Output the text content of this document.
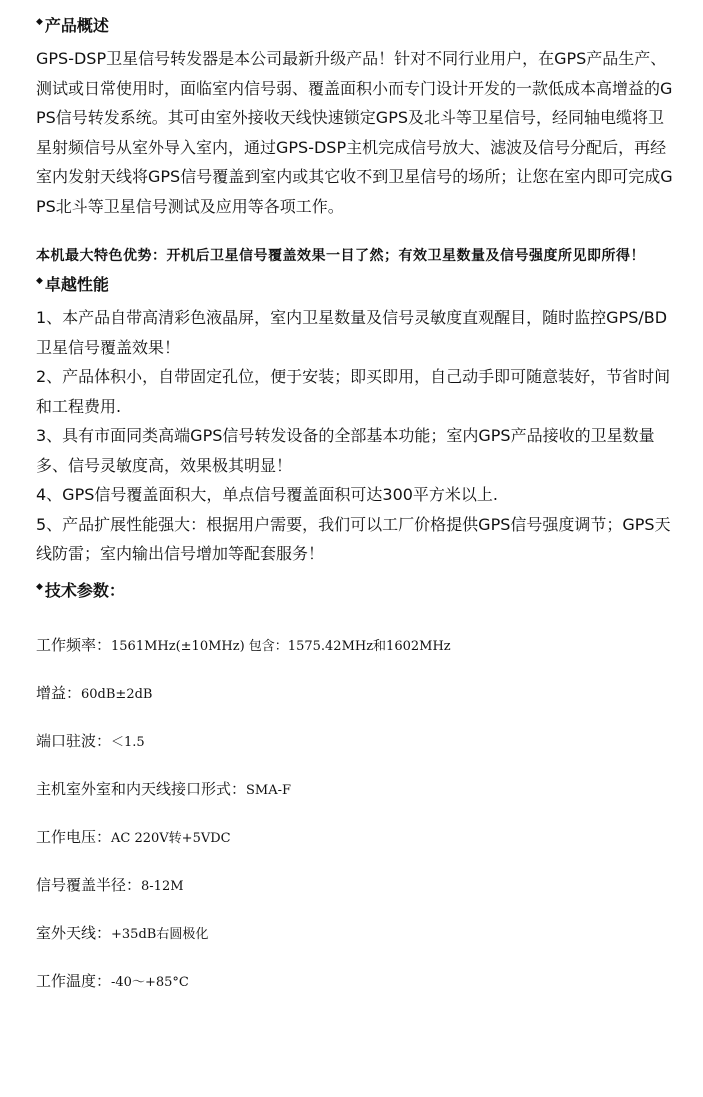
◆ 产品概述

GPS-DSP卫星信号转发器是本公司最新升级产品！针对不同行业用户，在GPS产品生产、测试或日常使用时，面临室内信号弱、覆盖面积小而专门设计开发的一款低成本高增益的GPS信号转发系统。其可由室外接收天线快速锁定GPS及北斗等卫星信号，经同轴电缆将卫星射频信号从室外导入室内，通过GPS-DSP主机完成信号放大、滤波及信号分配后，再经室内发射天线将GPS信号覆盖到室内或其它收不到卫星信号的场所；让您在室内即可完成GPS北斗等卫星信号测试及应用等各项工作。

本机最大特色优势：开机后卫星信号覆盖效果一目了然；有效卫星数量及信号强度所见即所得！

◆ 卓越性能

1、本产品自带高清彩色液晶屏，室内卫星数量及信号灵敏度直观醒目，随时监控GPS/BD卫星信号覆盖效果！

2、产品体积小，自带固定孔位，便于安装；即买即用，自己动手即可随意装好，节省时间和工程费用.

3、具有市面同类高端GPS信号转发设备的全部基本功能；室内GPS产品接收的卫星数量多、信号灵敏度高，效果极其明显！

4、GPS信号覆盖面积大，单点信号覆盖面积可达300平方米以上.

5、产品扩展性能强大：根据用户需要，我们可以工厂价格提供GPS信号强度调节；GPS天线防雷；室内输出信号增加等配套服务！

◆ 技术参数：
工作频率：1561MHz(±10MHz) 包含：1575.42MHz和1602MHz
增益：60dB±2dB
端口驻波：＜1.5
主机室外室和内天线接口形式：SMA-F
工作电压：AC 220V转+5VDC
信号覆盖半径：8-12M
室外天线：+35dB右圆极化
工作温度：-40～+85°C
